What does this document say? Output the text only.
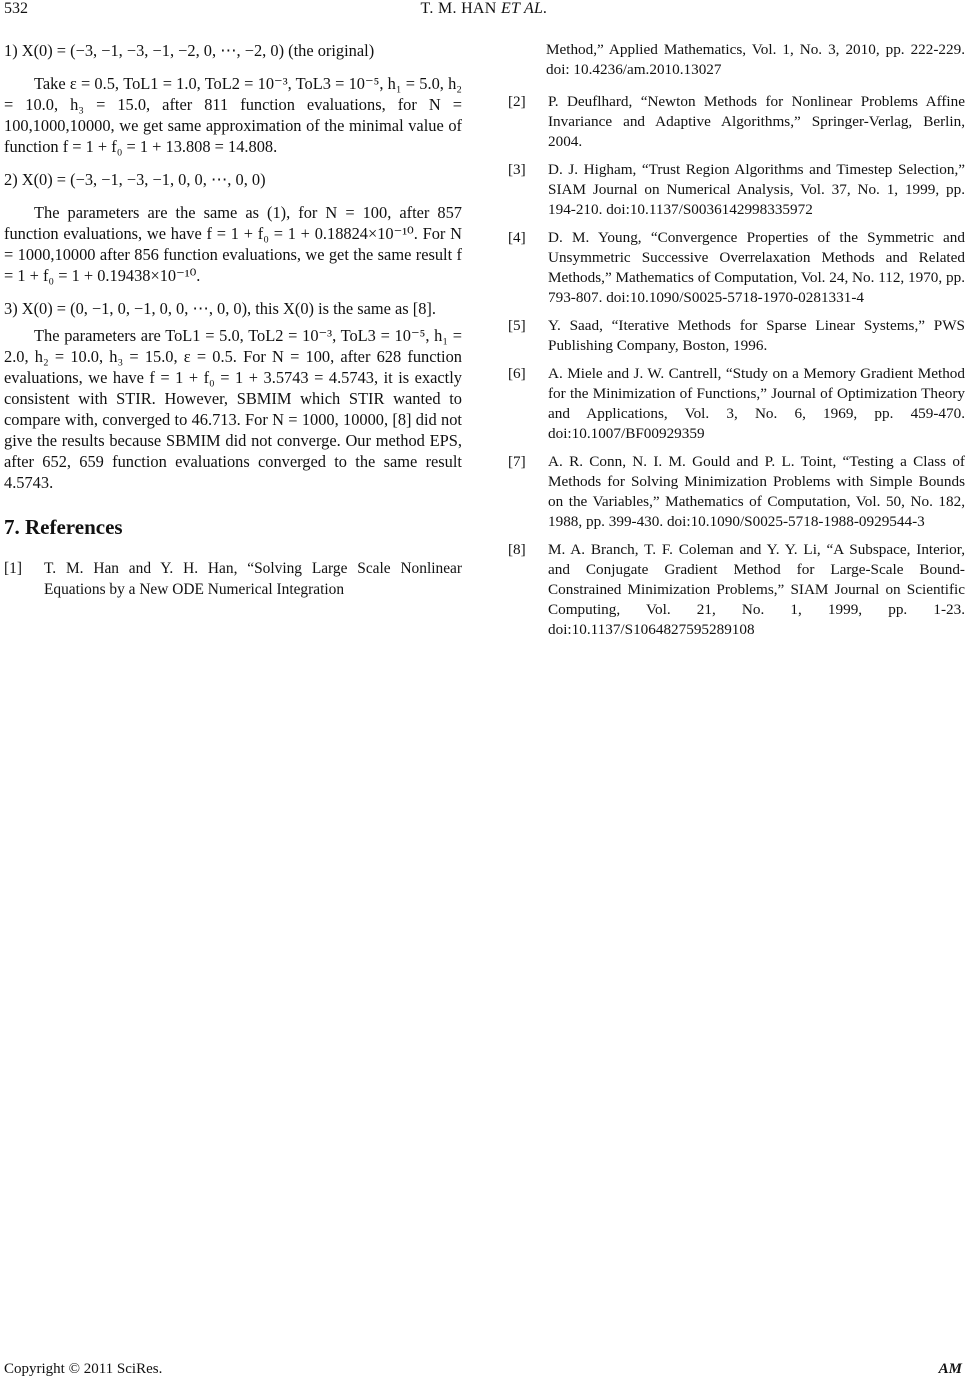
532	T. M. HAN ET AL.

1) X(0) = (−3, −1, −3, −1, −2, 0, ⋯, −2, 0) (the original)

Take ε = 0.5, ToL1 = 1.0, ToL2 = 10⁻³, ToL3 = 10⁻⁵, h₁ = 5.0, h₂ = 10.0, h₃ = 15.0, after 811 function evaluations, for N = 100,1000,10000, we get same approximation of the minimal value of function f = 1 + f₀ = 1 + 13.808 = 14.808.

2) X(0) = (−3, −1, −3, −1, 0, 0, ⋯, 0, 0)

The parameters are the same as (1), for N = 100, after 857 function evaluations, we have f = 1 + f₀ = 1 + 0.18824×10⁻¹⁰. For N = 1000,10000 after 856 function evaluations, we get the same result f = 1 + f₀ = 1 + 0.19438×10⁻¹⁰.

3) X(0) = (0, −1, 0, −1, 0, 0, ⋯, 0, 0), this X(0) is the same as [8].

The parameters are ToL1 = 5.0, ToL2 = 10⁻³, ToL3 = 10⁻⁵, h₁ = 2.0, h₂ = 10.0, h₃ = 15.0, ε = 0.5. For N = 100, after 628 function evaluations, we have f = 1 + f₀ = 1 + 3.5743 = 4.5743, it is exactly consistent with STIR. However, SBMIM which STIR wanted to compare with, converged to 46.713. For N = 1000, 10000, [8] did not give the results because SBMIM did not converge. Our method EPS, after 652, 659 function evaluations converged to the same result 4.5743.

7. References
[1]	T. M. Han and Y. H. Han, “Solving Large Scale Nonlinear Equations by a New ODE Numerical Integration
Method,” Applied Mathematics, Vol. 1, No. 3, 2010, pp. 222-229. doi: 10.4236/am.2010.13027
[2]	P. Deuflhard, “Newton Methods for Nonlinear Problems Affine Invariance and Adaptive Algorithms,” Springer-Verlag, Berlin, 2004.
[3]	D. J. Higham, “Trust Region Algorithms and Timestep Selection,” SIAM Journal on Numerical Analysis, Vol. 37, No. 1, 1999, pp. 194-210. doi:10.1137/S0036142998335972
[4]	D. M. Young, “Convergence Properties of the Symmetric and Unsymmetric Successive Overrelaxation Methods and Related Methods,” Mathematics of Computation, Vol. 24, No. 112, 1970, pp. 793-807. doi:10.1090/S0025-5718-1970-0281331-4
[5]	Y. Saad, “Iterative Methods for Sparse Linear Systems,” PWS Publishing Company, Boston, 1996.
[6]	A. Miele and J. W. Cantrell, “Study on a Memory Gradient Method for the Minimization of Functions,” Journal of Optimization Theory and Applications, Vol. 3, No. 6, 1969, pp. 459-470. doi:10.1007/BF00929359
[7]	A. R. Conn, N. I. M. Gould and P. L. Toint, “Testing a Class of Methods for Solving Minimization Problems with Simple Bounds on the Variables,” Mathematics of Computation, Vol. 50, No. 182, 1988, pp. 399-430. doi:10.1090/S0025-5718-1988-0929544-3
[8]	M. A. Branch, T. F. Coleman and Y. Y. Li, “A Subspace, Interior, and Conjugate Gradient Method for Large-Scale Bound-Constrained Minimization Problems,” SIAM Journal on Scientific Computing, Vol. 21, No. 1, 1999, pp. 1-23. doi:10.1137/S1064827595289108
Copyright © 2011 SciRes.	AM
